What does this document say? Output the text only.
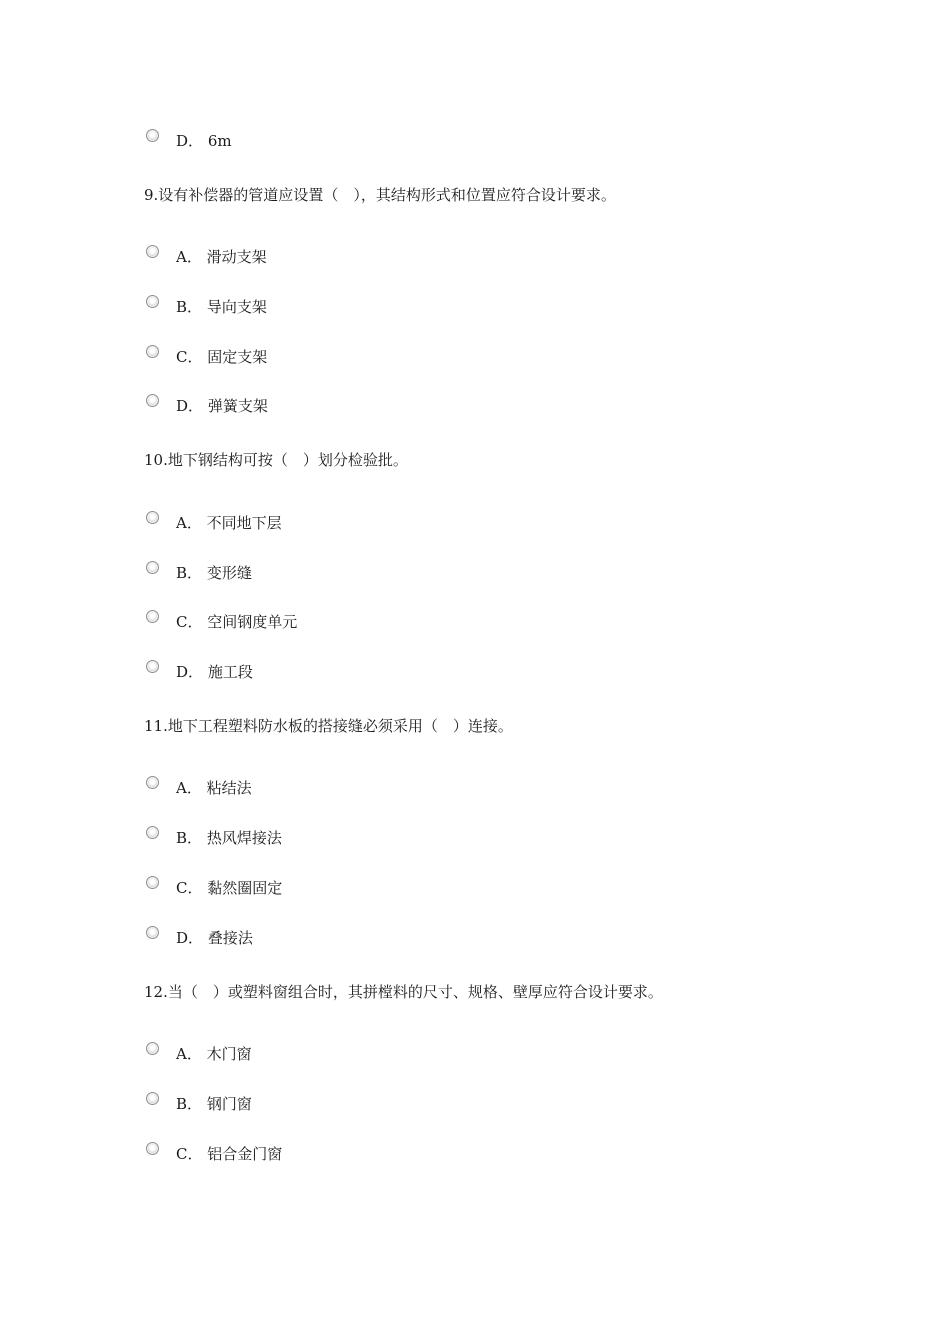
D． 6m
9.设有补偿器的管道应设置（　），其结构形式和位置应符合设计要求。
A． 滑动支架
B． 导向支架
C． 固定支架
D． 弹簧支架
10.地下钢结构可按（　）划分检验批。
A． 不同地下层
B． 变形缝
C． 空间钢度单元
D． 施工段
11.地下工程塑料防水板的搭接缝必须采用（　）连接。
A． 粘结法
B． 热风焊接法
C． 黏然圈固定
D． 叠接法
12.当（　）或塑料窗组合时，其拼樘料的尺寸、规格、壁厚应符合设计要求。
A． 木门窗
B． 钢门窗
C． 铝合金门窗
